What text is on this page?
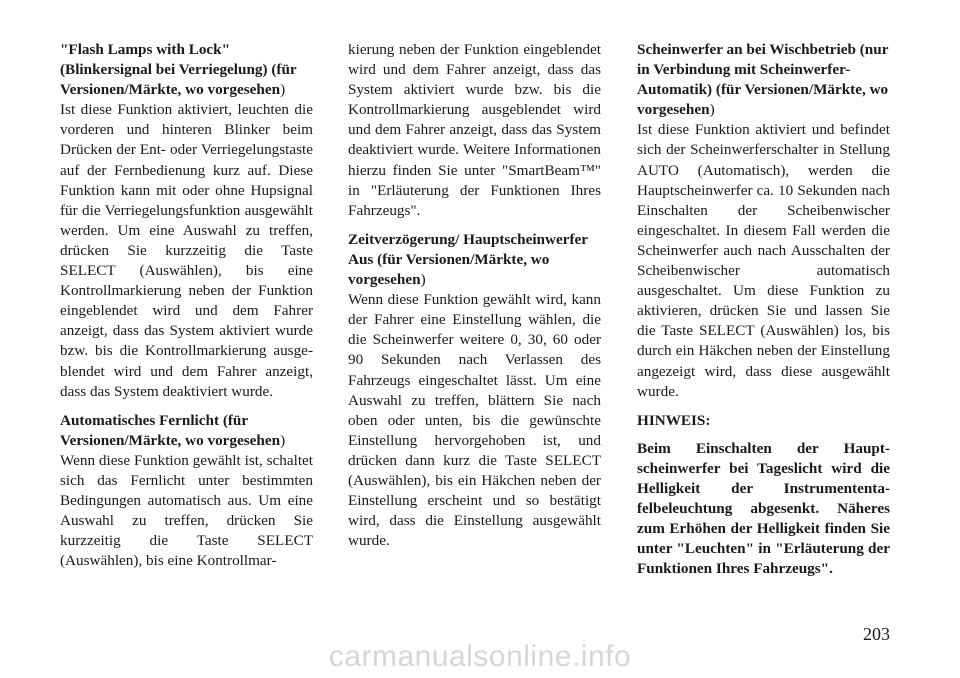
"Flash Lamps with Lock" (Blinkersignal bei Verriegelung) (für Versionen/Märkte, wo vorgesehen)

Ist diese Funktion aktiviert, leuchten die vorderen und hinteren Blinker beim Drücken der Ent- oder Verriegelungstaste auf der Fernbedienung kurz auf. Diese Funktion kann mit oder ohne Hupsignal für die Verriegelungsfunktion ausgewählt werden. Um eine Auswahl zu treffen, drücken Sie kurzzeitig die Taste SELECT (Auswählen), bis eine Kontrollmarkierung neben der Funktion eingeblendet wird und dem Fahrer anzeigt, dass das System aktiviert wurde bzw. bis die Kontrollmarkierung ausgeblendet wird und dem Fahrer anzeigt, dass das System deaktiviert wurde.

Automatisches Fernlicht (für Versionen/Märkte, wo vorgesehen)

Wenn diese Funktion gewählt ist, schaltet sich das Fernlicht unter bestimmten Bedingungen automatisch aus. Um eine Auswahl zu treffen, drücken Sie kurzzeitig die Taste SELECT (Auswählen), bis eine Kontrollmar-

kierung neben der Funktion eingeblendet wird und dem Fahrer anzeigt, dass das System aktiviert wurde bzw. bis die Kontrollmarkierung ausgeblendet wird und dem Fahrer anzeigt, dass das System deaktiviert wurde. Weitere Informationen hierzu finden Sie unter "SmartBeam™" in "Erläuterung der Funktionen Ihres Fahrzeugs".

Zeitverzögerung/ Hauptscheinwerfer Aus (für Versionen/Märkte, wo vorgesehen)

Wenn diese Funktion gewählt wird, kann der Fahrer eine Einstellung wählen, die die Scheinwerfer weitere 0, 30, 60 oder 90 Sekunden nach Verlassen des Fahrzeugs eingeschaltet lässt. Um eine Auswahl zu treffen, blättern Sie nach oben oder unten, bis die gewünschte Einstellung hervorgehoben ist, und drücken dann kurz die Taste SELECT (Auswählen), bis ein Häkchen neben der Einstellung erscheint und so bestätigt wird, dass die Einstellung ausgewählt wurde.

Scheinwerfer an bei Wischbetrieb (nur in Verbindung mit Scheinwerfer-Automatik) (für Versionen/Märkte, wo vorgesehen)

Ist diese Funktion aktiviert und befindet sich der Scheinwerferschalter in Stellung AUTO (Automatisch), werden die Hauptscheinwerfer ca. 10 Sekunden nach Einschalten der Scheibenwischer eingeschaltet. In diesem Fall werden die Scheinwerfer auch nach Ausschalten der Scheibenwischer automatisch ausgeschaltet. Um diese Funktion zu aktivieren, drücken Sie und lassen Sie die Taste SELECT (Auswählen) los, bis durch ein Häkchen neben der Einstellung angezeigt wird, dass diese ausgewählt wurde.

HINWEIS:

Beim Einschalten der Hauptscheinwerfer bei Tageslicht wird die Helligkeit der Instrumententafelbeleuchtung abgesenkt. Näheres zum Erhöhen der Helligkeit finden Sie unter "Leuchten" in "Erläuterung der Funktionen Ihres Fahrzeugs".

203
carmanualsonline.info
